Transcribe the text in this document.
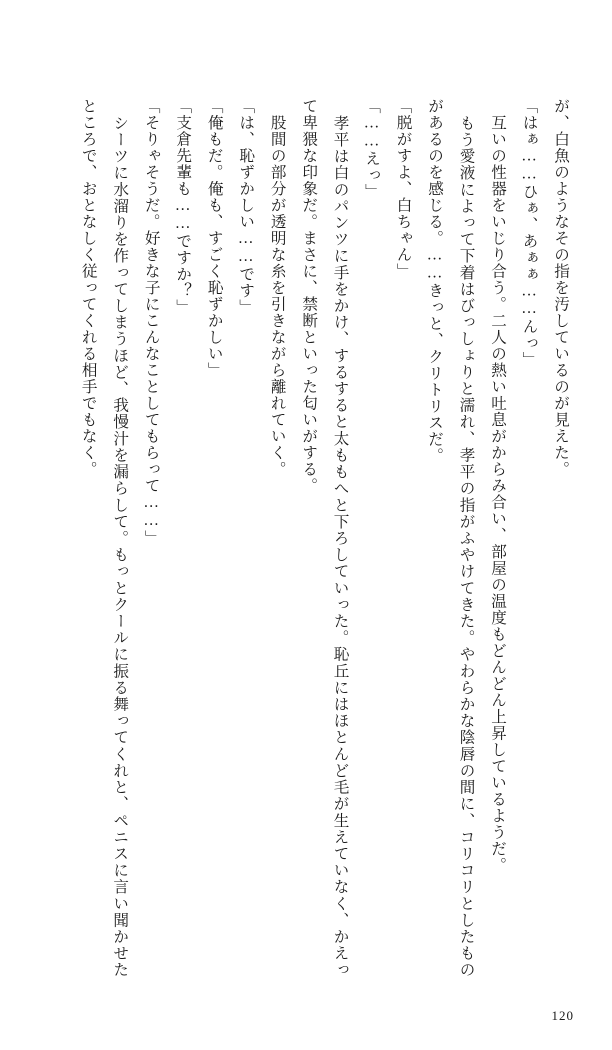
が、白魚のようなその指を汚しているのが見えた。

「はぁ……ひぁ、あぁぁ……んっ」

　互いの性器をいじり合う。二人の熱い吐息がからみ合い、部屋の温度もどんどん上昇しているようだ。

　もう愛液によって下着はびっしょりと濡れ、孝平の指がふやけてきた。やわらかな陰唇の間に、コリコリとしたものがあるのを感じる。……きっと、クリトリスだ。

「脱がすよ、白ちゃん」

「……えっ」

　孝平は白のパンツに手をかけ、するすると太ももへと下ろしていった。恥丘にはほとんど毛が生えていなく、かえって卑猥な印象だ。まさに、禁断といった匂いがする。

　股間の部分が透明な糸を引きながら離れていく。

「は、恥ずかしい……です」

「俺もだ。俺も、すごく恥ずかしい」

「支倉先輩も……ですか？」

「そりゃそうだ。好きな子にこんなことしてもらって……」

　シーツに水溜りを作ってしまうほど、我慢汁を漏らして。もっとクールに振る舞ってくれと、ペニスに言い聞かせたところで、おとなしく従ってくれる相手でもなく。

120
